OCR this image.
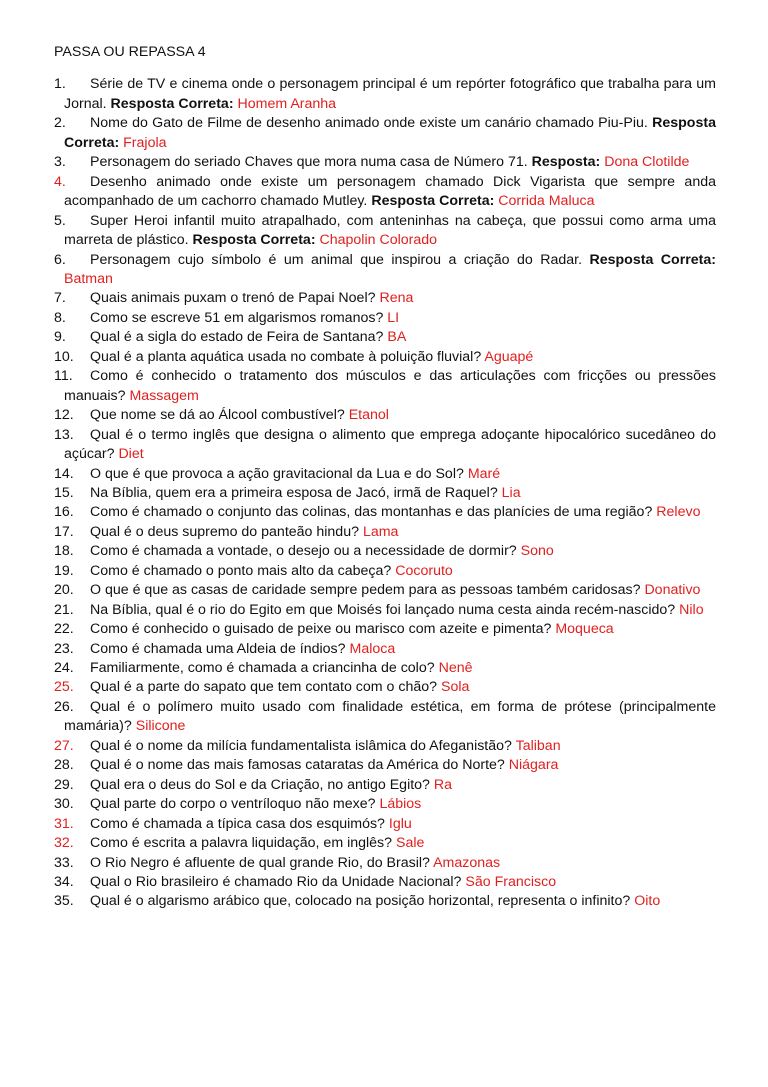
PASSA OU REPASSA 4
1.	Série de TV e cinema onde o personagem principal é um repórter fotográfico que trabalha para um Jornal. Resposta Correta: Homem Aranha
2.	Nome do Gato de Filme de desenho animado onde existe um canário chamado Piu-Piu. Resposta Correta: Frajola
3.	Personagem do seriado Chaves que mora numa casa de Número 71. Resposta: Dona Clotilde
4.	Desenho animado onde existe um personagem chamado Dick Vigarista que sempre anda acompanhado de um cachorro chamado Mutley. Resposta Correta: Corrida Maluca
5.	Super Heroi infantil muito atrapalhado, com anteninhas na cabeça, que possui como arma uma marreta de plástico. Resposta Correta: Chapolin Colorado
6.	Personagem cujo símbolo é um animal que inspirou a criação do Radar. Resposta Correta: Batman
7.	Quais animais puxam o trenó de Papai Noel? Rena
8.	Como se escreve 51 em algarismos romanos? LI
9.	Qual é a sigla do estado de Feira de Santana? BA
10.	Qual é a planta aquática usada no combate à poluição fluvial? Aguapé
11.	Como é conhecido o tratamento dos músculos e das articulações com fricções ou pressões manuais? Massagem
12.	Que nome se dá ao Álcool combustível? Etanol
13.	Qual é o termo inglês que designa o alimento que emprega adoçante hipocalórico sucedâneo do açúcar? Diet
14.	O que é que provoca a ação gravitacional da Lua e do Sol? Maré
15.	Na Bíblia, quem era a primeira esposa de Jacó, irmã de Raquel? Lia
16.	Como é chamado o conjunto das colinas, das montanhas e das planícies de uma região? Relevo
17.	Qual é o deus supremo do panteão hindu? Lama
18.	Como é chamada a vontade, o desejo ou a necessidade de dormir? Sono
19.	Como é chamado o ponto mais alto da cabeça? Cocoruto
20.	O que é que as casas de caridade sempre pedem para as pessoas também caridosas? Donativo
21.	Na Bíblia, qual é o rio do Egito em que Moisés foi lançado numa cesta ainda recém-nascido? Nilo
22.	Como é conhecido o guisado de peixe ou marisco com azeite e pimenta? Moqueca
23.	Como é chamada uma Aldeia de índios? Maloca
24.	Familiarmente, como é chamada a criancinha de colo? Nenê
25.	Qual é a parte do sapato que tem contato com o chão? Sola
26.	Qual é o polímero muito usado com finalidade estética, em forma de prótese (principalmente mamária)? Silicone
27.	Qual é o nome da milícia fundamentalista islâmica do Afeganistão? Taliban
28.	Qual é o nome das mais famosas cataratas da América do Norte? Niágara
29.	Qual era o deus do Sol e da Criação, no antigo Egito? Ra
30.	Qual parte do corpo o ventríloquo não mexe? Lábios
31.	Como é chamada a típica casa dos esquimós? Iglu
32.	Como é escrita a palavra liquidação, em inglês? Sale
33.	O Rio Negro é afluente de qual grande Rio, do Brasil? Amazonas
34.	Qual o Rio brasileiro é chamado Rio da Unidade Nacional? São Francisco
35.	Qual é o algarismo arábico que, colocado na posição horizontal, representa o infinito? Oito
